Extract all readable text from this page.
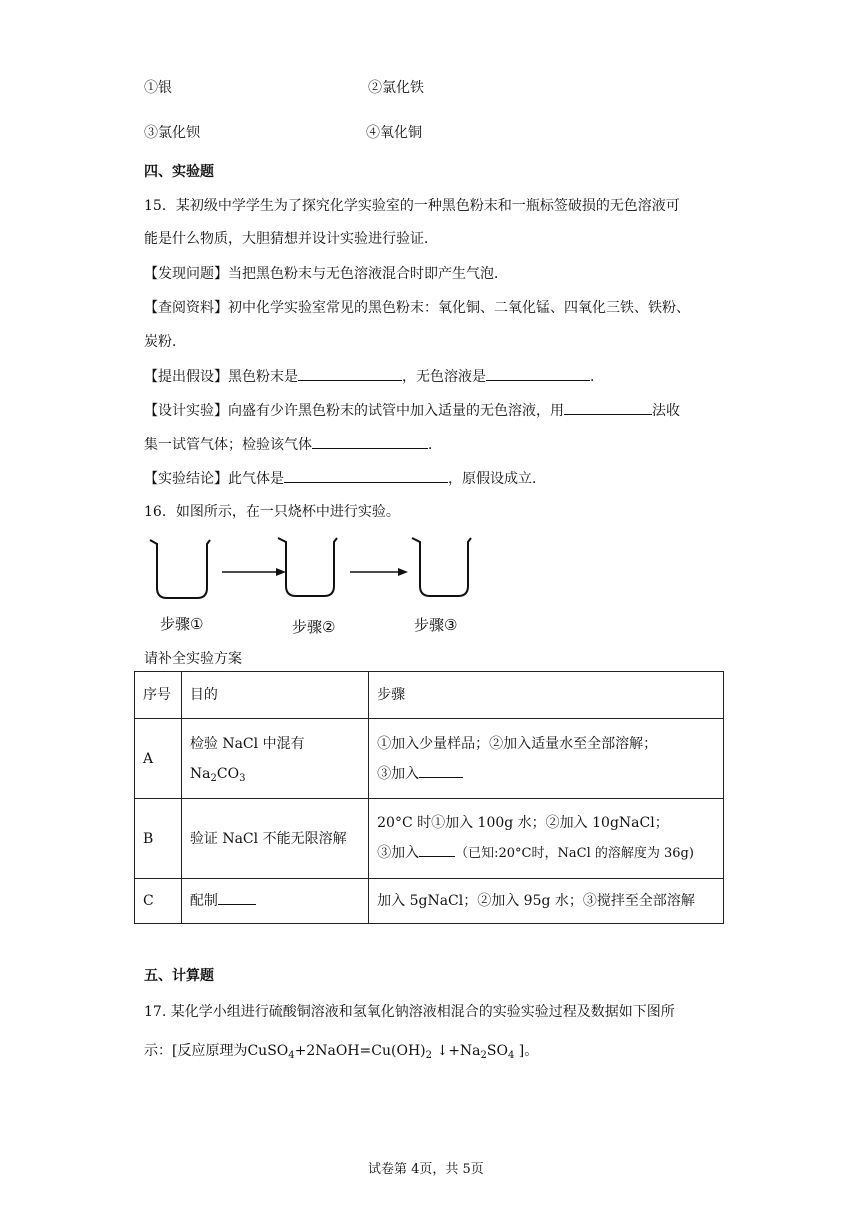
①银	②氯化铁
③氯化钡	④氧化铜
四、实验题
15．某初级中学学生为了探究化学实验室的一种黑色粉末和一瓶标签破损的无色溶液可
能是什么物质，大胆猜想并设计实验进行验证．
【发现问题】当把黑色粉末与无色溶液混合时即产生气泡．
【查阅资料】初中化学实验室常见的黑色粉末：氧化铜、二氧化锰、四氧化三铁、铁粉、
炭粉．
【提出假设】黑色粉末是	，无色溶液是	．
【设计实验】向盛有少许黑色粉末的试管中加入适量的无色溶液，用	法收
集一试管气体；检验该气体	．
【实验结论】此气体是	，原假设成立．
16．如图所示，在一只烧杯中进行实验。
步骤①	步骤②	步骤③
请补全实验方案
序号	目的	步骤
A	检验 NaCl 中混有 $Na_2CO_3$	①加入少量样品；②加入适量水至全部溶解；
③加入

B	验证 NaCl 不能无限溶解	20°C 时①加入 100g 水；②加入 10gNaCl；
③加入 （已知:20°C时，NaCl 的溶解度为 36g)

C	配制	加入 5gNaCl；②加入 95g 水；③搅拌至全部溶解
五、计算题
17. 某化学小组进行硫酸铜溶液和氢氧化钠溶液相混合的实验实验过程及数据如下图所
示：[反应原理为$CuSO_4+2NaOH=Cu(OH)_2$ $↓+Na_2SO_4$ ]。
试卷第 4页，共 5页
